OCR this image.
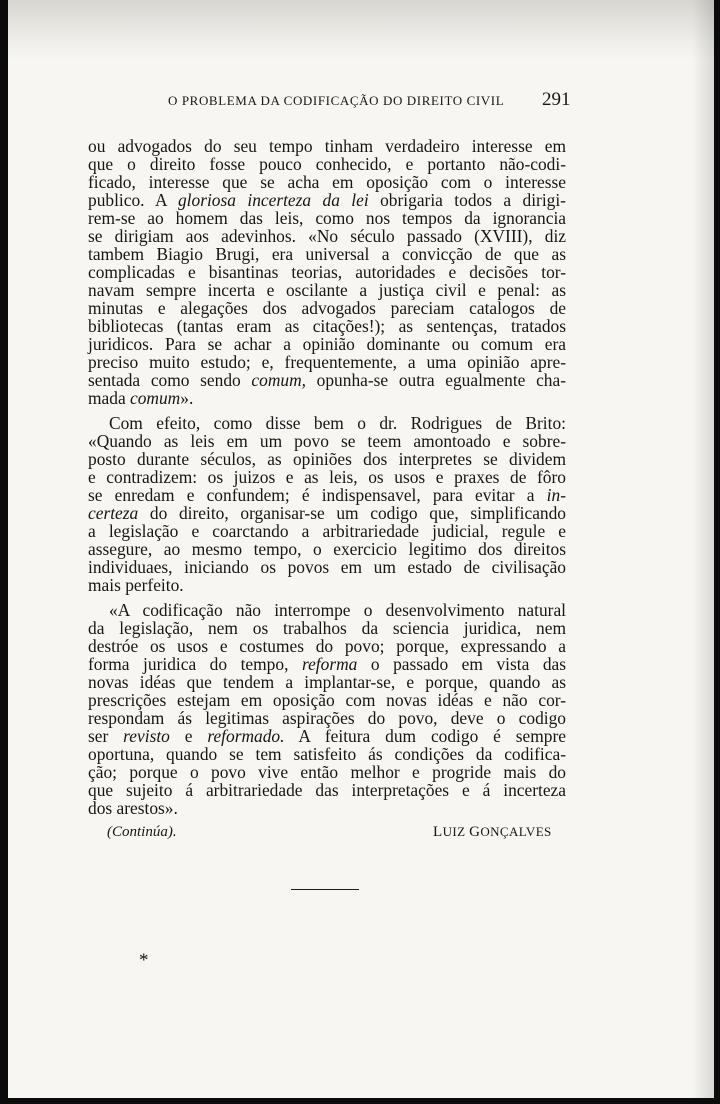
O PROBLEMA DA CODIFICAÇÃO DO DIREITO CIVIL 291
ou advogados do seu tempo tinham verdadeiro interesse em
que o direito fosse pouco conhecido, e portanto não-codi-
ficado, interesse que se acha em oposição com o interesse
publico. A gloriosa incerteza da lei obrigaria todos a dirigi-
rem-se ao homem das leis, como nos tempos da ignorancia
se dirigiam aos adevinhos. «No século passado (XVIII), diz
tambem Biagio Brugi, era universal a convicção de que as
complicadas e bisantinas teorias, autoridades e decisões tor-
navam sempre incerta e oscilante a justiça civil e penal: as
minutas e alegações dos advogados pareciam catalogos de
bibliotecas (tantas eram as citações!); as sentenças, tratados
juridicos. Para se achar a opinião dominante ou comum era
preciso muito estudo; e, frequentemente, a uma opinião apre-
sentada como sendo comum, opunha-se outra egualmente cha-
mada comum».
Com efeito, como disse bem o dr. Rodrigues de Brito:
«Quando as leis em um povo se teem amontoado e sobre-
posto durante séculos, as opiniões dos interpretes se dividem
e contradizem: os juizos e as leis, os usos e praxes de fôro
se enredam e confundem; é indispensavel, para evitar a in-
certeza do direito, organisar-se um codigo que, simplificando
a legislação e coarctando a arbitrariedade judicial, regule e
assegure, ao mesmo tempo, o exercicio legitimo dos direitos
individuaes, iniciando os povos em um estado de civilisação
mais perfeito.
«A codificação não interrompe o desenvolvimento natural
da legislação, nem os trabalhos da sciencia juridica, nem
destróe os usos e costumes do povo; porque, expressando a
forma juridica do tempo, reforma o passado em vista das
novas idéas que tendem a implantar-se, e porque, quando as
prescrições estejam em oposição com novas idéas e não cor-
respondam ás legitimas aspirações do povo, deve o codigo
ser revisto e reformado. A feitura dum codigo é sempre
oportuna, quando se tem satisfeito ás condições da codifica-
ção; porque o povo vive então melhor e progride mais do
que sujeito á arbitrariedade das interpretações e á incerteza
dos arestos».
(Continúa).	LUIZ GONÇALVES
*
